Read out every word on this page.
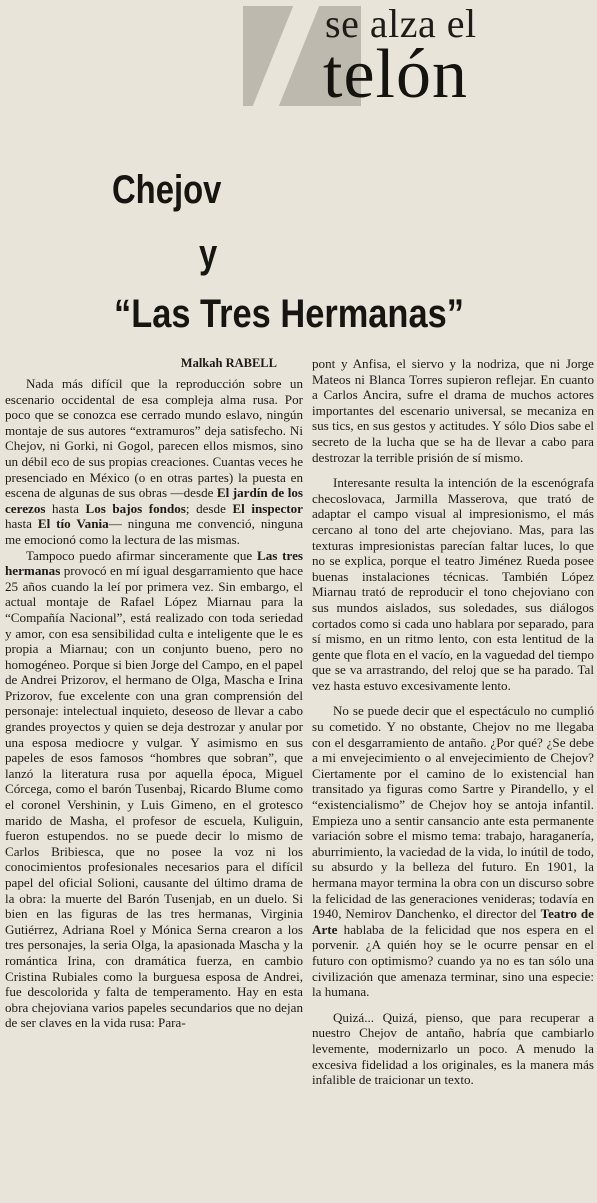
se alza el
telón
Chejov
y
“Las Tres Hermanas”
Malkah RABELL

Nada más difícil que la reproducción sobre un escenario occidental de esa compleja alma rusa. Por poco que se conozca ese cerrado mundo eslavo, ningún montaje de sus autores “extramuros” deja satisfecho. Ni Chejov, ni Gorki, ni Gogol, parecen ellos mismos, sino un débil eco de sus propias creaciones. Cuantas veces he presenciado en México (o en otras partes) la puesta en escena de algunas de sus obras —desde El jardín de los cerezos hasta Los bajos fondos; desde El inspector hasta El tío Vania— ninguna me convenció, ninguna me emocionó como la lectura de las mismas.

Tampoco puedo afirmar sinceramente que Las tres hermanas provocó en mí igual desgarramiento que hace 25 años cuando la leí por primera vez. Sin embargo, el actual montaje de Rafael López Miarnau para la “Compañía Nacional”, está realizado con toda seriedad y amor, con esa sensibilidad culta e inteligente que le es propia a Miarnau; con un conjunto bueno, pero no homogéneo. Porque si bien Jorge del Campo, en el papel de Andrei Prizorov, el hermano de Olga, Mascha e Irina Prizorov, fue excelente con una gran comprensión del personaje: intelectual inquieto, deseoso de llevar a cabo grandes proyectos y quien se deja destrozar y anular por una esposa mediocre y vulgar. Y asimismo en sus papeles de esos famosos “hombres que sobran”, que lanzó la literatura rusa por aquella época, Miguel Córcega, como el barón Tusenbaj, Ricardo Blume como el coronel Vershinin, y Luis Gimeno, en el grotesco marido de Masha, el profesor de escuela, Kuliguin, fueron estupendos. no se puede decir lo mismo de Carlos Bribiesca, que no posee la voz ni los conocimientos profesionales necesarios para el difícil papel del oficial Solioni, causante del último drama de la obra: la muerte del Barón Tusenjab, en un duelo. Si bien en las figuras de las tres hermanas, Virginia Gutiérrez, Adriana Roel y Mónica Serna crearon a los tres personajes, la seria Olga, la apasionada Mascha y la romántica Irina, con dramática fuerza, en cambio Cristina Rubiales como la burguesa esposa de Andrei, fue descolorida y falta de temperamento. Hay en esta obra chejoviana varios papeles secundarios que no dejan de ser claves en la vida rusa: Para-

pont y Anfisa, el siervo y la nodriza, que ni Jorge Mateos ni Blanca Torres supieron reflejar. En cuanto a Carlos Ancira, sufre el drama de muchos actores importantes del escenario universal, se mecaniza en sus tics, en sus gestos y actitudes. Y sólo Dios sabe el secreto de la lucha que se ha de llevar a cabo para destrozar la terrible prisión de sí mismo.

Interesante resulta la intención de la escenógrafa checoslovaca, Jarmilla Masserova, que trató de adaptar el campo visual al impresionismo, el más cercano al tono del arte chejoviano. Mas, para las texturas impresionistas parecían faltar luces, lo que no se explica, porque el teatro Jiménez Rueda posee buenas instalaciones técnicas. También López Miarnau trató de reproducir el tono chejoviano con sus mundos aislados, sus soledades, sus diálogos cortados como si cada uno hablara por separado, para sí mismo, en un ritmo lento, con esta lentitud de la gente que flota en el vacío, en la vaguedad del tiempo que se va arrastrando, del reloj que se ha parado. Tal vez hasta estuvo excesivamente lento.

No se puede decir que el espectáculo no cumplió su cometido. Y no obstante, Chejov no me llegaba con el desgarramiento de antaño. ¿Por qué? ¿Se debe a mi envejecimiento o al envejecimiento de Chejov? Ciertamente por el camino de lo existencial han transitado ya figuras como Sartre y Pirandello, y el “existencialismo” de Chejov hoy se antoja infantil. Empieza uno a sentir cansancio ante esta permanente variación sobre el mismo tema: trabajo, haraganería, aburrimiento, la vaciedad de la vida, lo inútil de todo, su absurdo y la belleza del futuro. En 1901, la hermana mayor termina la obra con un discurso sobre la felicidad de las generaciones venideras; todavía en 1940, Nemirov Danchenko, el director del Teatro de Arte hablaba de la felicidad que nos espera en el porvenir. ¿A quién hoy se le ocurre pensar en el futuro con optimismo? cuando ya no es tan sólo una civilización que amenaza terminar, sino una especie: la humana.

Quizá... Quizá, pienso, que para recuperar a nuestro Chejov de antaño, habría que cambiarlo levemente, modernizarlo un poco. A menudo la excesiva fidelidad a los originales, es la manera más infalible de traicionar un texto.
